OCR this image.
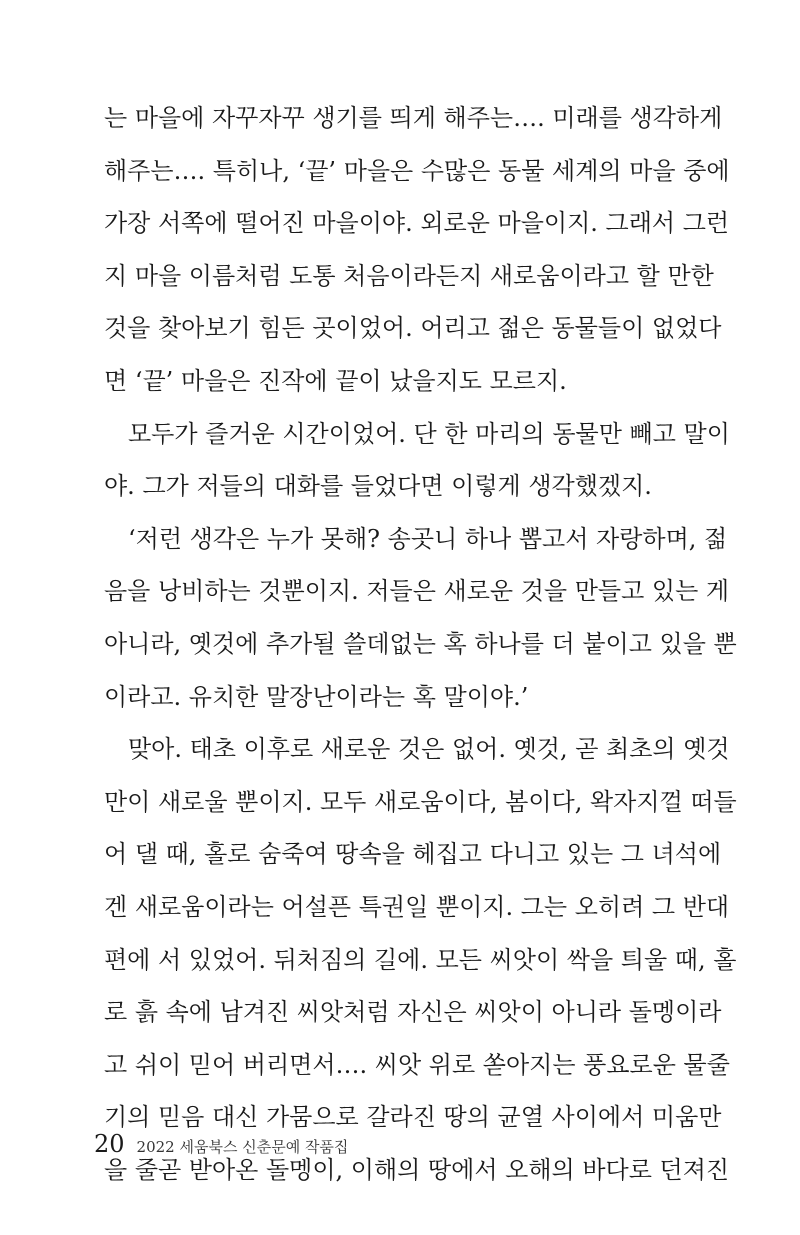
는 마을에 자꾸자꾸 생기를 띄게 해주는…. 미래를 생각하게
해주는…. 특히나, ‘끝’ 마을은 수많은 동물 세계의 마을 중에
가장 서쪽에 떨어진 마을이야. 외로운 마을이지. 그래서 그런
지 마을 이름처럼 도통 처음이라든지 새로움이라고 할 만한
것을 찾아보기 힘든 곳이었어. 어리고 젊은 동물들이 없었다
면 ‘끝’ 마을은 진작에 끝이 났을지도 모르지.
모두가 즐거운 시간이었어. 단 한 마리의 동물만 빼고 말이
야. 그가 저들의 대화를 들었다면 이렇게 생각했겠지.
‘저런 생각은 누가 못해? 송곳니 하나 뽑고서 자랑하며, 젊
음을 낭비하는 것뿐이지. 저들은 새로운 것을 만들고 있는 게
아니라, 옛것에 추가될 쓸데없는 혹 하나를 더 붙이고 있을 뿐
이라고. 유치한 말장난이라는 혹 말이야.’
맞아. 태초 이후로 새로운 것은 없어. 옛것, 곧 최초의 옛것
만이 새로울 뿐이지. 모두 새로움이다, 봄이다, 왁자지껄 떠들
어 댈 때, 홀로 숨죽여 땅속을 헤집고 다니고 있는 그 녀석에
겐 새로움이라는 어설픈 특권일 뿐이지. 그는 오히려 그 반대
편에 서 있었어. 뒤처짐의 길에. 모든 씨앗이 싹을 틔울 때, 홀
로 흙 속에 남겨진 씨앗처럼 자신은 씨앗이 아니라 돌멩이라
고 쉬이 믿어 버리면서…. 씨앗 위로 쏟아지는 풍요로운 물줄
기의 믿음 대신 가뭄으로 갈라진 땅의 균열 사이에서 미움만
을 줄곧 받아온 돌멩이, 이해의 땅에서 오해의 바다로 던져진
20 2022 세움북스 신춘문예 작품집
